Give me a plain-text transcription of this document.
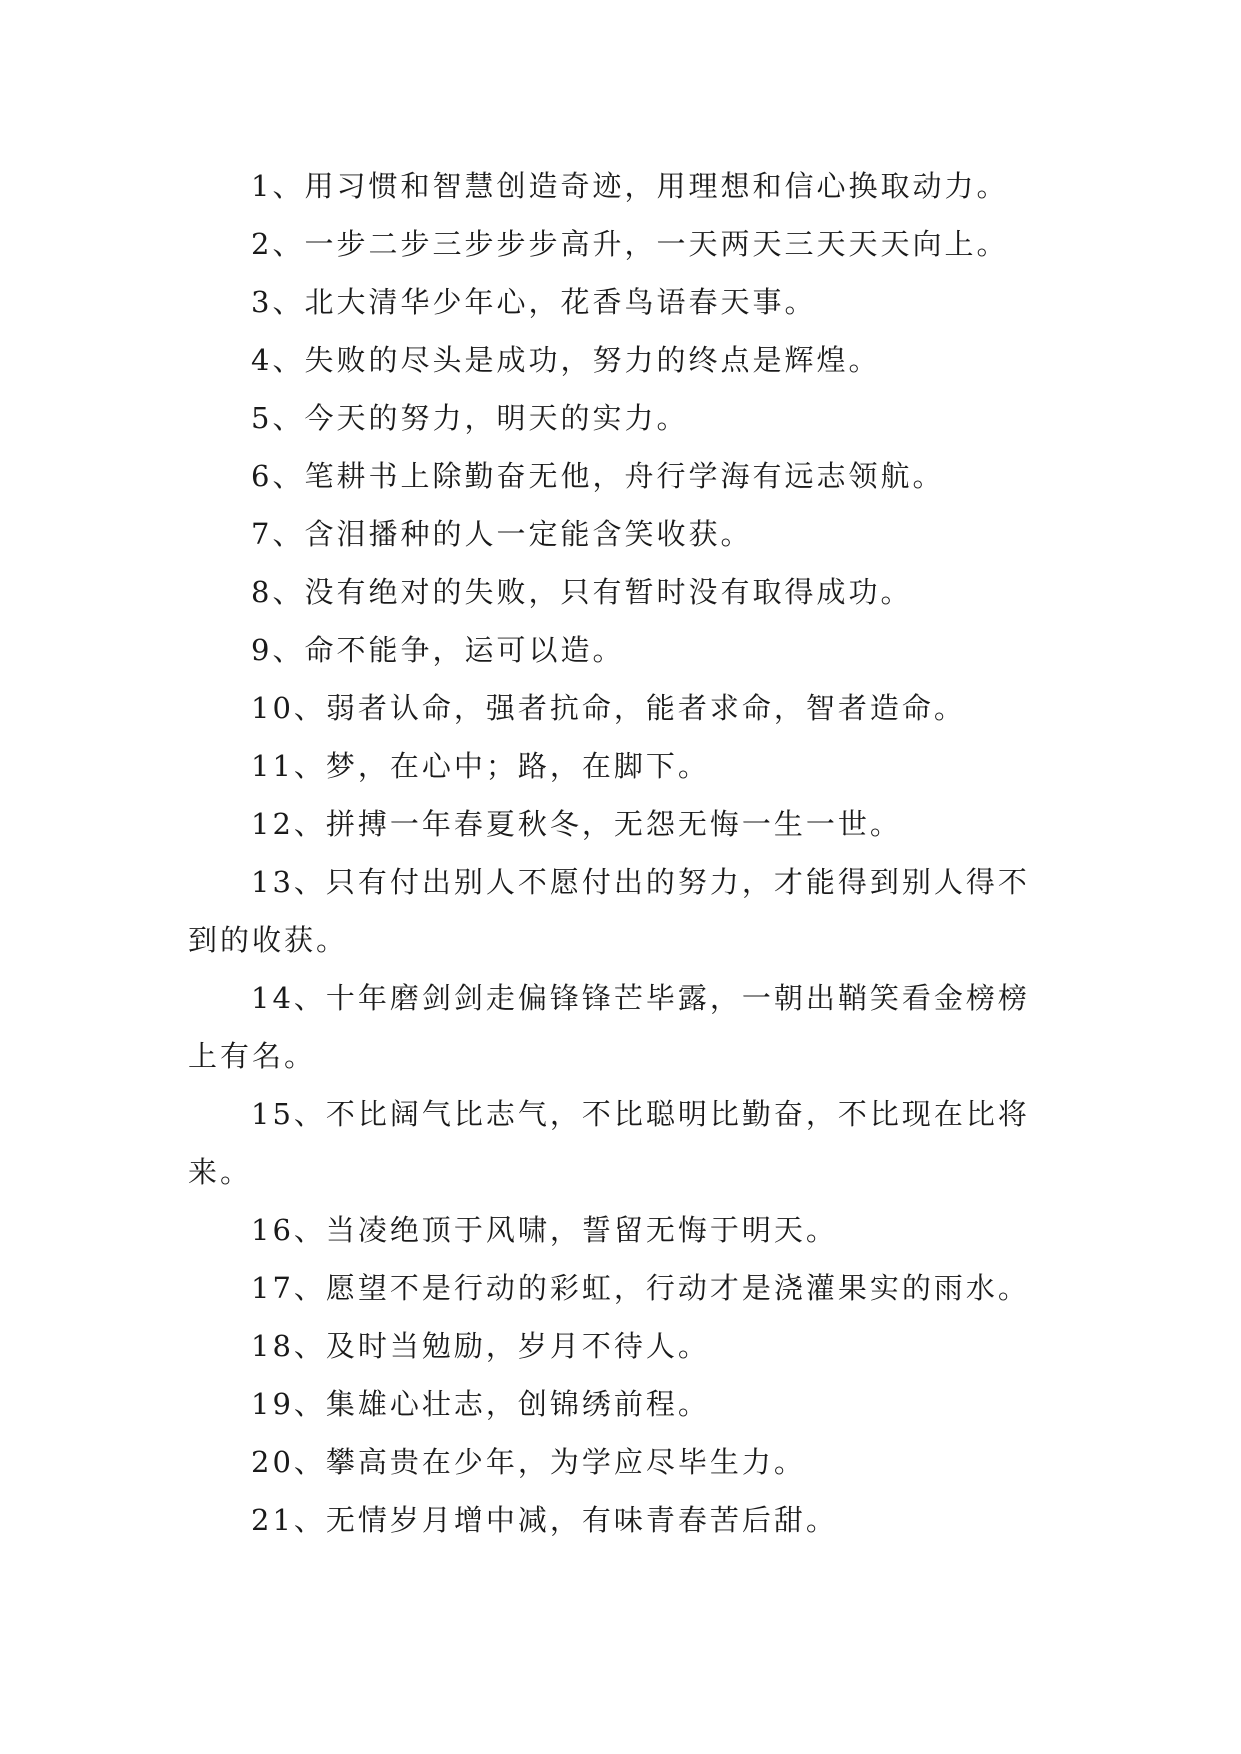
1、用习惯和智慧创造奇迹，用理想和信心换取动力。

2、一步二步三步步步高升，一天两天三天天天向上。

3、北大清华少年心，花香鸟语春天事。

4、失败的尽头是成功，努力的终点是辉煌。

5、今天的努力，明天的实力。

6、笔耕书上除勤奋无他，舟行学海有远志领航。

7、含泪播种的人一定能含笑收获。

8、没有绝对的失败，只有暂时没有取得成功。

9、命不能争，运可以造。

10、弱者认命，强者抗命，能者求命，智者造命。

11、梦，在心中；路，在脚下。

12、拼搏一年春夏秋冬，无怨无悔一生一世。

13、只有付出别人不愿付出的努力，才能得到别人得不到的收获。

14、十年磨剑剑走偏锋锋芒毕露，一朝出鞘笑看金榜榜上有名。

15、不比阔气比志气，不比聪明比勤奋，不比现在比将来。

16、当凌绝顶于风啸，誓留无悔于明天。

17、愿望不是行动的彩虹，行动才是浇灌果实的雨水。

18、及时当勉励，岁月不待人。

19、集雄心壮志，创锦绣前程。

20、攀高贵在少年，为学应尽毕生力。

21、无情岁月增中减，有味青春苦后甜。
